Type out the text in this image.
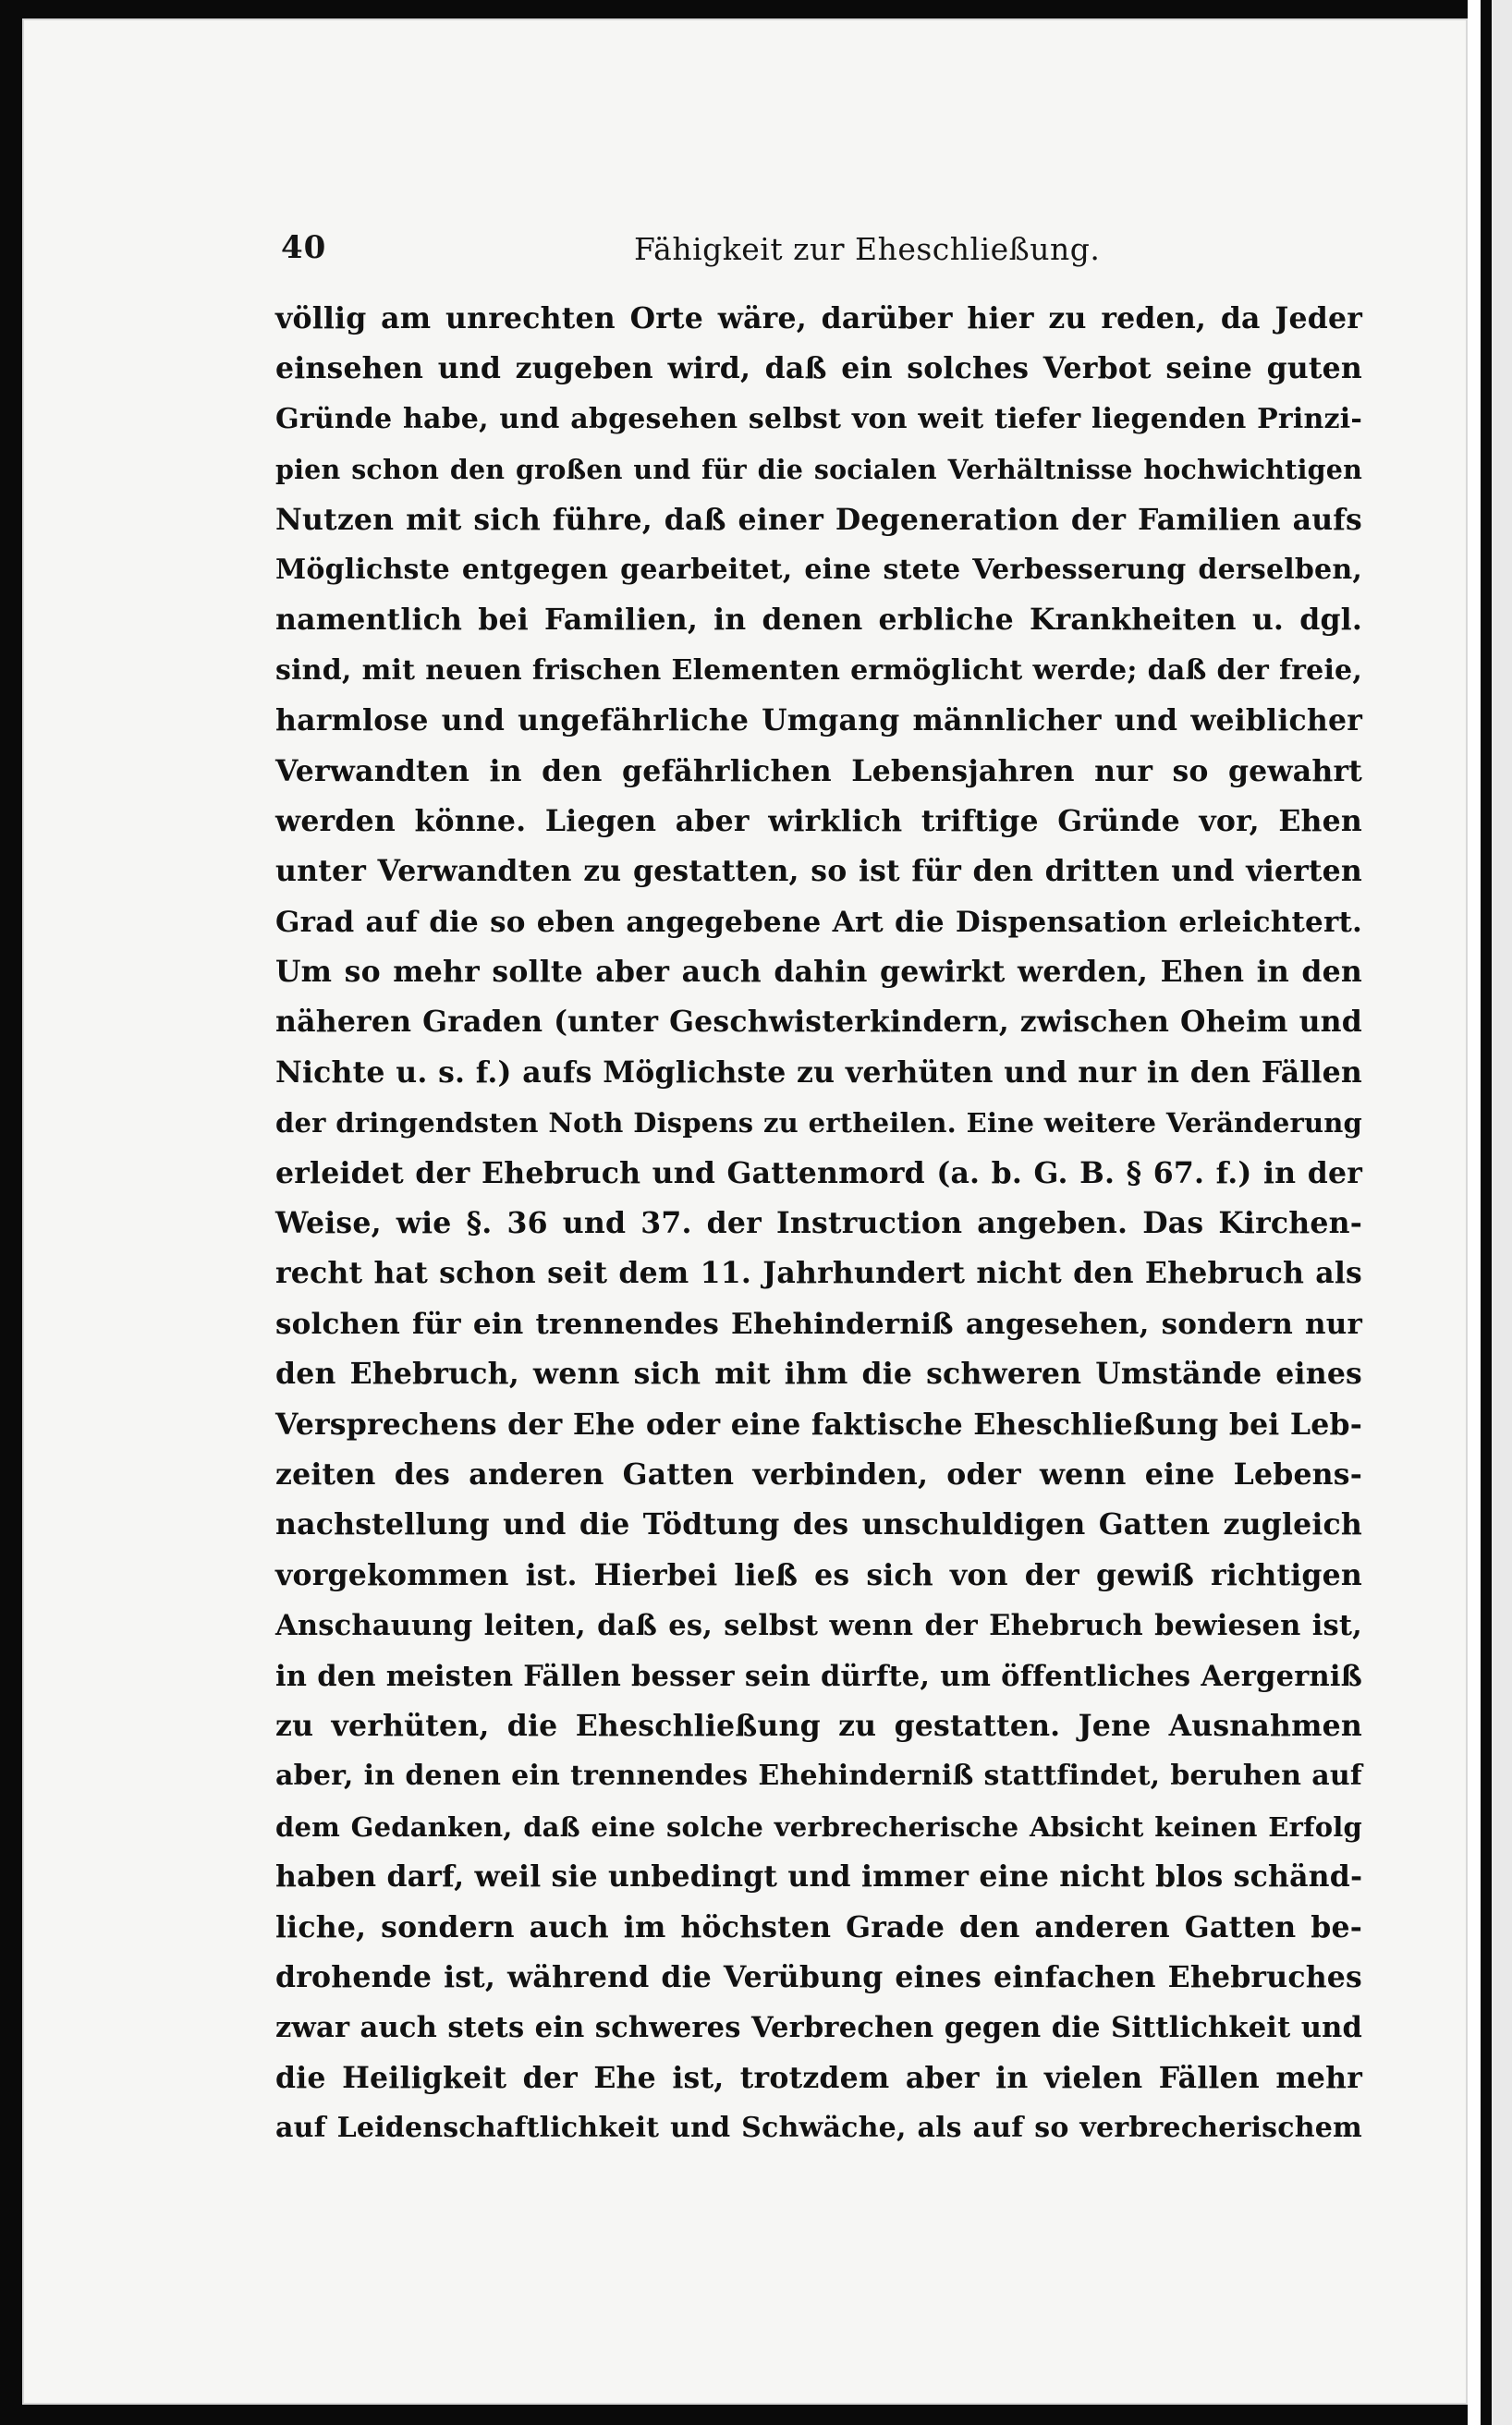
40	Fähigkeit zur Eheschließung.
völlig am unrechten Orte wäre, darüber hier zu reden, da Jeder
einsehen und zugeben wird, daß ein solches Verbot seine guten
Gründe habe, und abgesehen selbst von weit tiefer liegenden Prinzi-
pien schon den großen und für die socialen Verhältnisse hochwichtigen
Nutzen mit sich führe, daß einer Degeneration der Familien aufs
Möglichste entgegen gearbeitet, eine stete Verbesserung derselben,
namentlich bei Familien, in denen erbliche Krankheiten u. dgl.
sind, mit neuen frischen Elementen ermöglicht werde; daß der freie,
harmlose und ungefährliche Umgang männlicher und weiblicher
Verwandten in den gefährlichen Lebensjahren nur so gewahrt
werden könne. Liegen aber wirklich triftige Gründe vor, Ehen
unter Verwandten zu gestatten, so ist für den dritten und vierten
Grad auf die so eben angegebene Art die Dispensation erleichtert.
Um so mehr sollte aber auch dahin gewirkt werden, Ehen in den
näheren Graden (unter Geschwisterkindern, zwischen Oheim und
Nichte u. s. f.) aufs Möglichste zu verhüten und nur in den Fällen
der dringendsten Noth Dispens zu ertheilen. Eine weitere Veränderung
erleidet der Ehebruch und Gattenmord (a. b. G. B. § 67. f.) in der
Weise, wie §. 36 und 37. der Instruction angeben. Das Kirchen-
recht hat schon seit dem 11. Jahrhundert nicht den Ehebruch als
solchen für ein trennendes Ehehinderniß angesehen, sondern nur
den Ehebruch, wenn sich mit ihm die schweren Umstände eines
Versprechens der Ehe oder eine faktische Eheschließung bei Leb-
zeiten des anderen Gatten verbinden, oder wenn eine Lebens-
nachstellung und die Tödtung des unschuldigen Gatten zugleich
vorgekommen ist. Hierbei ließ es sich von der gewiß richtigen
Anschauung leiten, daß es, selbst wenn der Ehebruch bewiesen ist,
in den meisten Fällen besser sein dürfte, um öffentliches Aergerniß
zu verhüten, die Eheschließung zu gestatten. Jene Ausnahmen
aber, in denen ein trennendes Ehehinderniß stattfindet, beruhen auf
dem Gedanken, daß eine solche verbrecherische Absicht keinen Erfolg
haben darf, weil sie unbedingt und immer eine nicht blos schänd-
liche, sondern auch im höchsten Grade den anderen Gatten be-
drohende ist, während die Verübung eines einfachen Ehebruches
zwar auch stets ein schweres Verbrechen gegen die Sittlichkeit und
die Heiligkeit der Ehe ist, trotzdem aber in vielen Fällen mehr
auf Leidenschaftlichkeit und Schwäche, als auf so verbrecherischem
